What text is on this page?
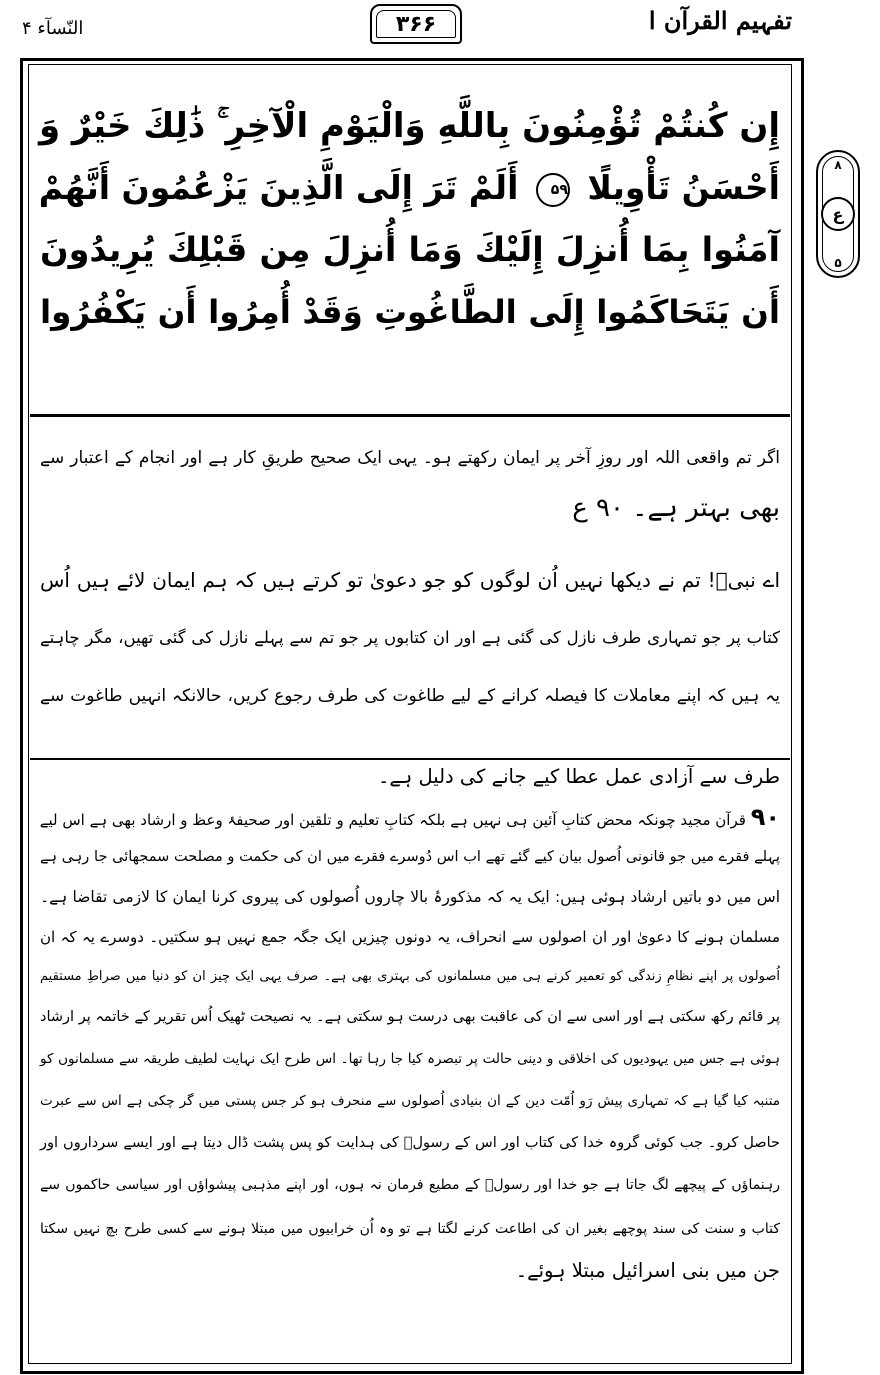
تفہیم القرآن ا
۳۶۶
النّسآء ۴
۸
ع
۵
إِن كُنتُمْ تُؤْمِنُونَ بِاللَّهِ وَالْيَوْمِ الْآخِرِ ۚ ذَٰلِكَ خَيْرٌ وَ
أَحْسَنُ تَأْوِيلًا ۵۹ أَلَمْ تَرَ إِلَى الَّذِينَ يَزْعُمُونَ أَنَّهُمْ
آمَنُوا بِمَا أُنزِلَ إِلَيْكَ وَمَا أُنزِلَ مِن قَبْلِكَ يُرِيدُونَ
أَن يَتَحَاكَمُوا إِلَى الطَّاغُوتِ وَقَدْ أُمِرُوا أَن يَكْفُرُوا
اگر تم واقعی اللہ اور روزِ آخر پر ایمان رکھتے ہو۔ یہی ایک صحیح طریقِ کار ہے اور انجام کے اعتبار سے
بھی بہتر ہے۔ ۹۰ ع
اے نبیؐ! تم نے دیکھا نہیں اُن لوگوں کو جو دعویٰ تو کرتے ہیں کہ ہم ایمان لائے ہیں اُس
کتاب پر جو تمہاری طرف نازل کی گئی ہے اور ان کتابوں پر جو تم سے پہلے نازل کی گئی تھیں، مگر چاہتے
یہ ہیں کہ اپنے معاملات کا فیصلہ کرانے کے لیے طاغوت کی طرف رجوع کریں، حالانکہ انہیں طاغوت سے
طرف سے آزادی عمل عطا کیے جانے کی دلیل ہے۔
۹۰ قرآن مجید چونکہ محض کتابِ آئین ہی نہیں ہے بلکہ کتابِ تعلیم و تلقین اور صحیفۂ وعظ و ارشاد بھی ہے اس لیے
پہلے فقرے میں جو قانونی اُصول بیان کیے گئے تھے اب اس دُوسرے فقرے میں ان کی حکمت و مصلحت سمجھائی جا رہی ہے
اس میں دو باتیں ارشاد ہوئی ہیں: ایک یہ کہ مذکورۂ بالا چاروں اُصولوں کی پیروی کرنا ایمان کا لازمی تقاضا ہے۔
مسلمان ہونے کا دعویٰ اور ان اصولوں سے انحراف، یہ دونوں چیزیں ایک جگہ جمع نہیں ہو سکتیں۔ دوسرے یہ کہ ان
اُصولوں پر اپنے نظامِ زندگی کو تعمیر کرنے ہی میں مسلمانوں کی بہتری بھی ہے۔ صرف یہی ایک چیز ان کو دنیا میں صراطِ مستقیم
پر قائم رکھ سکتی ہے اور اسی سے ان کی عاقبت بھی درست ہو سکتی ہے۔ یہ نصیحت ٹھیک اُس تقریر کے خاتمہ پر ارشاد
ہوئی ہے جس میں یہودیوں کی اخلاقی و دینی حالت پر تبصرہ کیا جا رہا تھا۔ اس طرح ایک نہایت لطیف طریقہ سے مسلمانوں کو
متنبہ کیا گیا ہے کہ تمہاری پیش رَو اُمّت دین کے ان بنیادی اُصولوں سے منحرف ہو کر جس پستی میں گر چکی ہے اس سے عبرت
حاصل کرو۔ جب کوئی گروہ خدا کی کتاب اور اس کے رسولؐ کی ہدایت کو پس پشت ڈال دیتا ہے اور ایسے سرداروں اور
رہنماؤں کے پیچھے لگ جاتا ہے جو خدا اور رسولؐ کے مطیع فرمان نہ ہوں، اور اپنے مذہبی پیشواؤں اور سیاسی حاکموں سے
کتاب و سنت کی سند پوچھے بغیر ان کی اطاعت کرنے لگتا ہے تو وہ اُن خرابیوں میں مبتلا ہونے سے کسی طرح بچ نہیں سکتا
جن میں بنی اسرائیل مبتلا ہوئے۔
